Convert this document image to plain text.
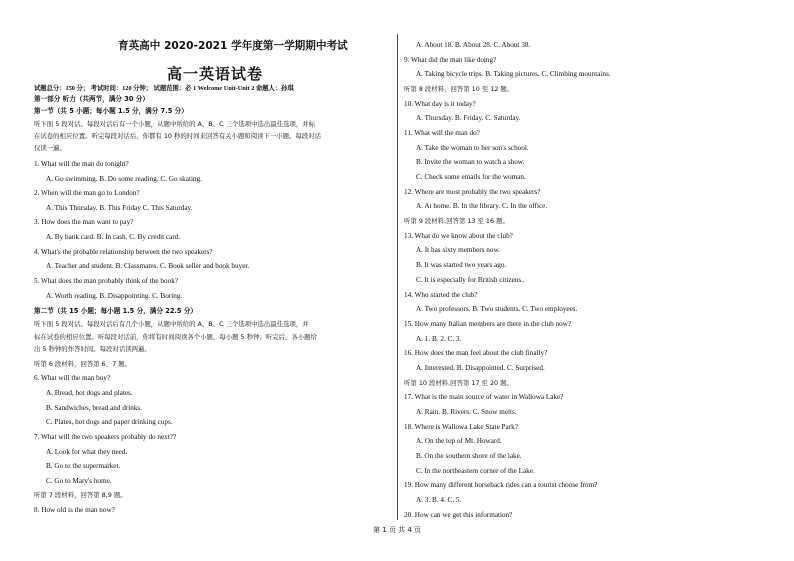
育英高中 2020-2021 学年度第一学期期中考试
高一英语试卷
试题总分：150 分； 考试时间：120 分钟； 试题范围：必 1 Welcome Unit-Unit 2 命题人：孙琪
第一部分 听力（共两节，满分 30 分）
第一节（共 5 小题；每小题 1.5 分，满分 7.5 分）
听下面 5 段对话。每段对话后有一个小题，从题中所给的 A、B、C 三个选项中选出最佳选项，并标
在试卷的相应位置。听完每段对话后，你都有 10 秒的时间来回答有关小题和阅读下一小题。每段对话
仅读一遍。
1. What will the man do tonight?
A. Go swimming. B. Do some reading. C. Go skating.
2. When will the man go to London?
A. This Thursday. B. This Friday C. This Saturday.
3. How does the man want to pay?
A. By bank card. B. In cash. C. By credit card.
4. What's the probable relationship between the two speakers?
A. Teacher and student. B. Classmates. C. Book seller and book buyer.
5. What does the man probably think of the book?
A. Worth reading. B. Disappointing. C. Boring.
第二节（共 15 小题；每小题 1.5 分，满分 22.5 分）
听下面 5 段对话。每段对话后有几个小题，从题中所给的 A、B、C 三个选项中选出最佳选项，并
标在试卷的相应位置。听每段对话前，你将有时间阅读各个小题，每小题 5 秒钟；听完后，各小题给
出 5 秒钟的作答时间。每段对话读两遍。
听第 6 段材料，回答第 6、7 题。
6. What will the man buy?
A. Bread, hot dogs and plates.
B. Sandwiches, bread and drinks.
C. Plates, hot dogs and paper drinking cups.
7. What will the two speakers probably do next??
A. Look for what they need.
B. Go to the supermarket.
C. Go to Mary's home.
听第 7 段材料，回答第 8,9 题。
8. How old is the man now?
A. About 18. B. About 28. C. About 38.
9. What did the man like doing?
A. Taking bicycle trips. B. Taking pictures. C. Climbing mountains.
听第 8 段材料，回答第 10 至 12 题。
10. What day is it today?
A. Thursday. B. Friday. C. Saturday.
11. What will the man do?
A. Take the woman to her son's school.
B. Invite the woman to watch a show.
C. Check some emails for the woman.
12. Where are most probably the two speakers?
A. At home. B. In the library. C. In the office.
听第 9 段材料,回答第 13 至 16 题。
13. What do we know about the club?
A. It has sixty members now.
B. It was started two years ago.
C. It is especially for British citizens..
14. Who started the club?
A. Two professors. B. Two students. C. Two employees.
15. How many Italian members are there in the club now?
A. 1. B. 2. C. 3.
16. How does the man feel about the club finally?
A. Interested. B. Disappointed. C. Surprised.
听第 10 段材料,回答第 17 至 20 题。
17. What is the main source of water in Wallowa Lake?
A. Rain. B. Rivers. C. Snow melts.
18. Where is Wallowa Lake State Park?
A. On the top of Mt. Howard.
B. On the southern shore of the lake.
C. In the northeastern corner of the Lake.
19. How many different horseback rides can a tourist choose from?
A. 3. B. 4. C. 5.
20. How can we get this information?
第 1 页 共 4 页
